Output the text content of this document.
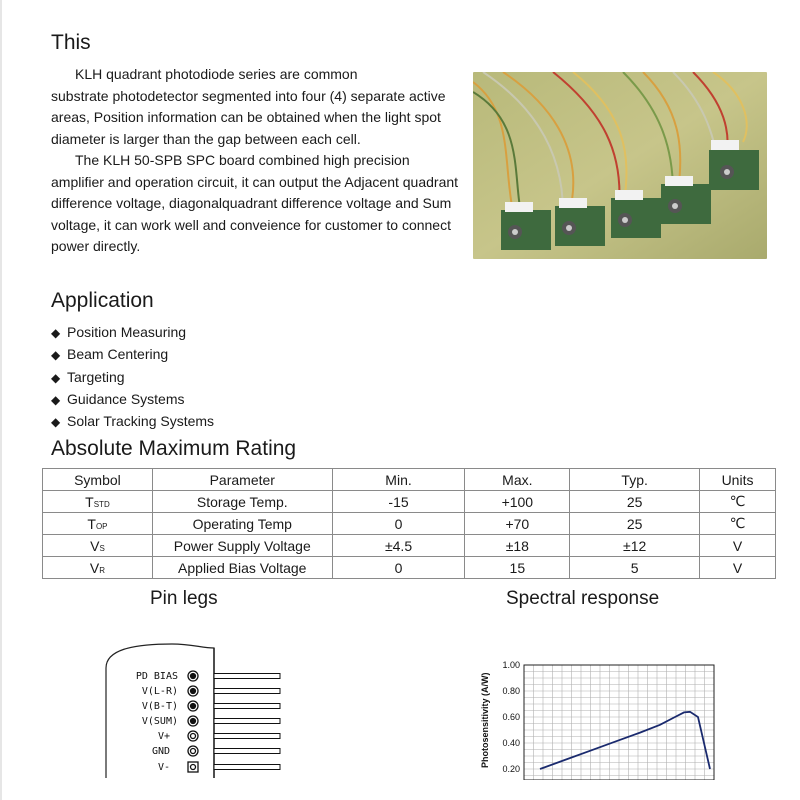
This

KLH quadrant photodiode series are common

substrate photodetector segmented into four (4) separate active areas, Position information can be obtained when the light spot diameter is larger than the gap between each cell.

The KLH 50-SPB SPC board combined high precision amplifier and operation circuit, it can output the Adjacent quadrant difference voltage, diagonalquadrant difference voltage and Sum voltage, it can work well and conveience for customer to connect power directly.

Application
◆ Position Measuring
◆ Beam Centering
◆ Targeting
◆ Guidance Systems
◆ Solar Tracking Systems
Absolute Maximum Rating
Symbol	Parameter	Min.	Max.	Typ.	Units
TSTD	Storage Temp.	-15	+100	25	℃
TOP	Operating Temp	0	+70	25	℃
VS	Power Supply Voltage	±4.5	±18	±12	V
VR	Applied Bias Voltage	0	15	5	V
Pin legs	Spectral response
PD BIAS
V(L-R)
V(B-T)
V(SUM)
V+
GND
V-
1.00
0.80
0.60
0.40
0.20
Photosensitivity (A/W)
